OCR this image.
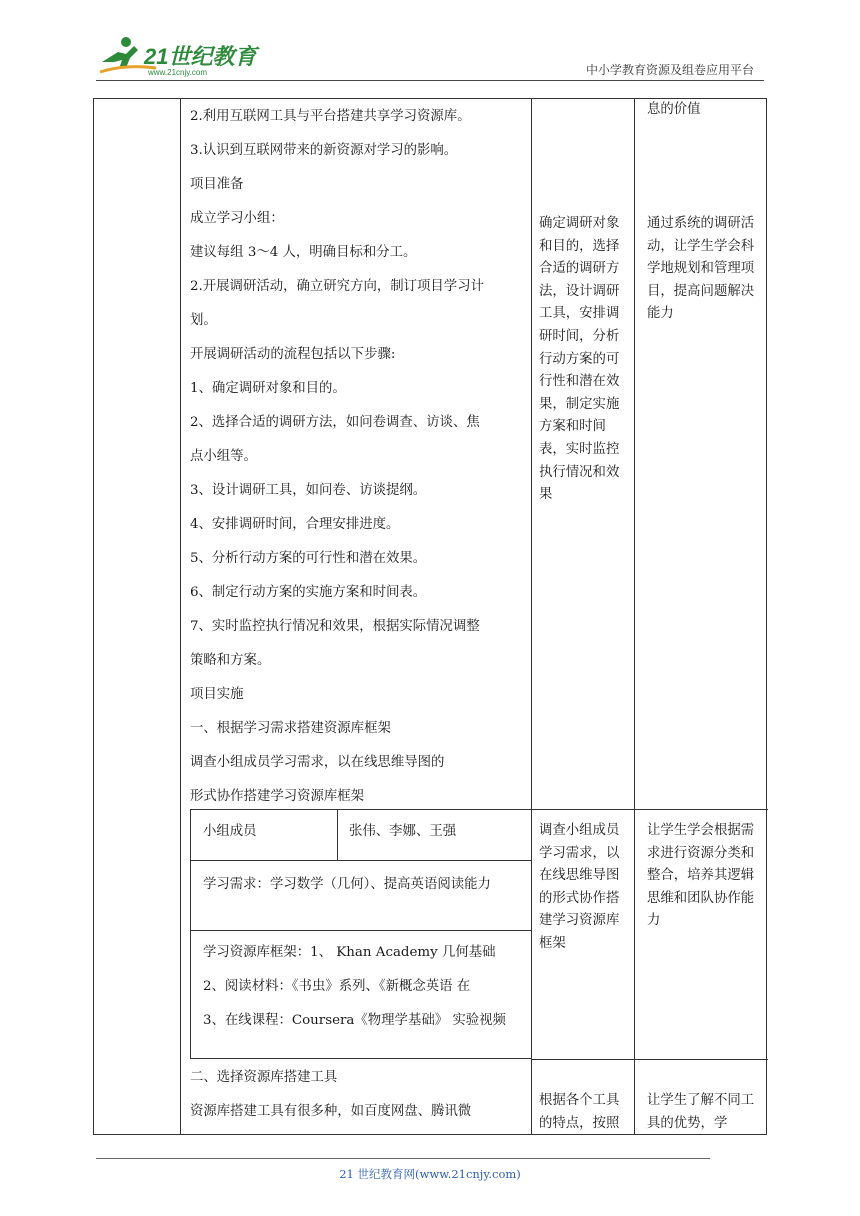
21世纪教育
www.21cnjy.com	中小学教育资源及组卷应用平台
2.利用互联网工具与平台搭建共享学习资源库。
3.认识到互联网带来的新资源对学习的影响。
项目准备
成立学习小组：
建议每组 3～4 人，明确目标和分工。
2.开展调研活动，确立研究方向，制订项目学习计
划。
开展调研活动的流程包括以下步骤:
1、确定调研对象和目的。
2、选择合适的调研方法，如问卷调查、访谈、焦
点小组等。
3、设计调研工具，如问卷、访谈提纲。
4、安排调研时间，合理安排进度。
5、分析行动方案的可行性和潜在效果。
6、制定行动方案的实施方案和时间表。
7、实时监控执行情况和效果，根据实际情况调整
策略和方案。
项目实施
一、根据学习需求搭建资源库框架
调查小组成员学习需求，以在线思维导图的
形式协作搭建学习资源库框架
小组成员	张伟、李娜、王强
学习需求：学习数学（几何）、提高英语阅读能力
学习资源库框架：1、 Khan Academy 几何基础
2、阅读材料：《书虫》系列、《新概念英语 在
3、在线课程：Coursera《物理学基础》 实验视频
二、选择资源库搭建工具
资源库搭建工具有很多种，如百度网盘、腾讯微
确定调研对象和目的，选择合适的调研方法，设计调研工具，安排调研时间，分析行动方案的可行性和潜在效果，制定实施方案和时间表，实时监控执行情况和效果
调查小组成员学习需求，以在线思维导图的形式协作搭建学习资源库框架
根据各个工具的特点，按照
息的价值
通过系统的调研活动，让学生学会科学地规划和管理项目，提高问题解决能力
让学生学会根据需求进行资源分类和整合，培养其逻辑思维和团队协作能力
让学生了解不同工具的优势，学
21 世纪教育网(www.21cnjy.com)
